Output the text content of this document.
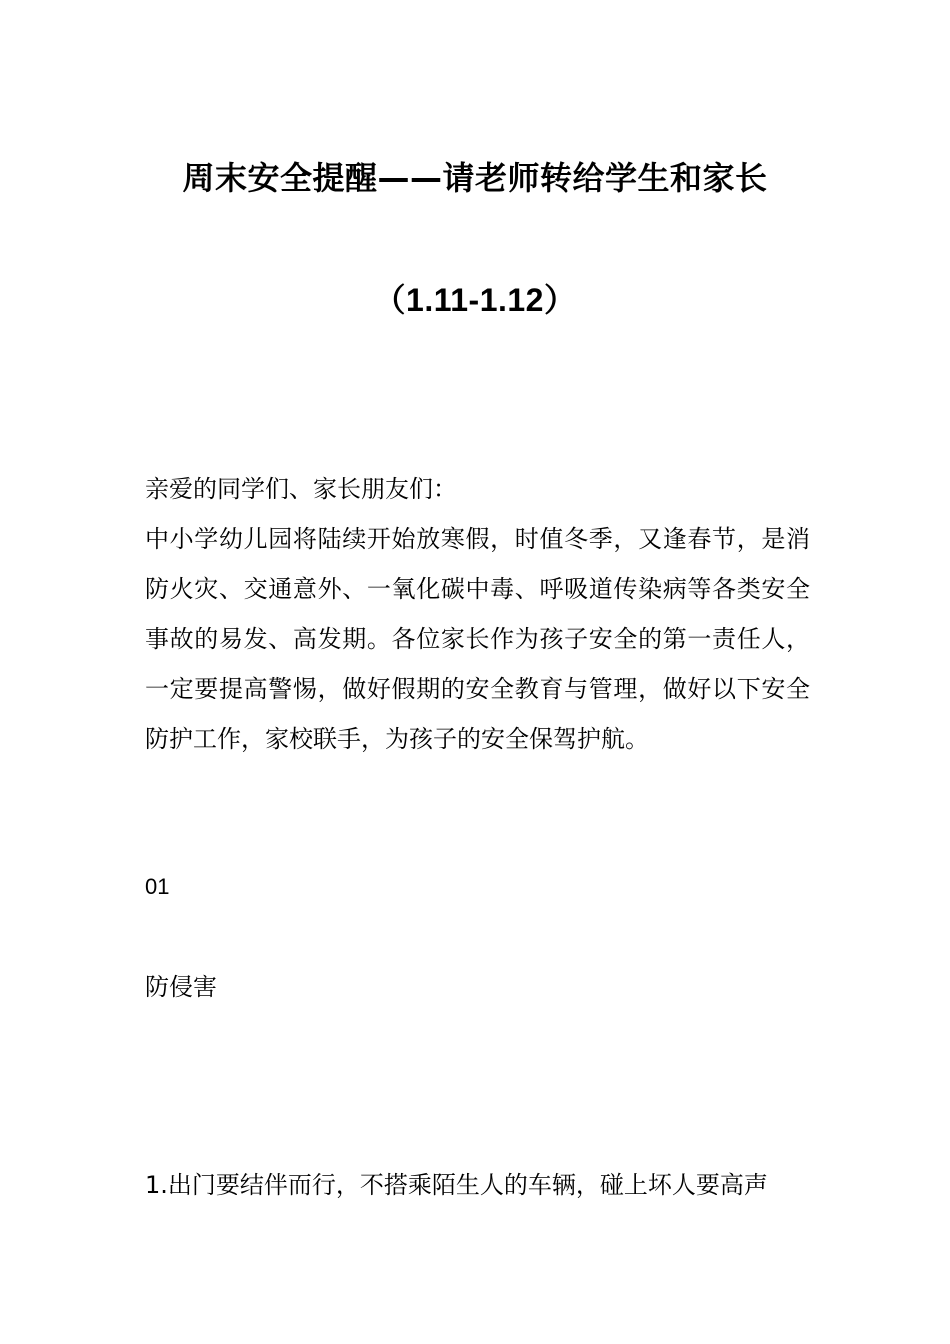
周末安全提醒——请老师转给学生和家长
（1.11-1.12）

亲爱的同学们、家长朋友们：

中小学幼儿园将陆续开始放寒假，时值冬季，又逢春节，是消防火灾、交通意外、一氧化碳中毒、呼吸道传染病等各类安全事故的易发、高发期。各位家长作为孩子安全的第一责任人，一定要提高警惕，做好假期的安全教育与管理，做好以下安全防护工作，家校联手，为孩子的安全保驾护航。

01

防侵害

1.出门要结伴而行，不搭乘陌生人的车辆，碰上坏人要高声
